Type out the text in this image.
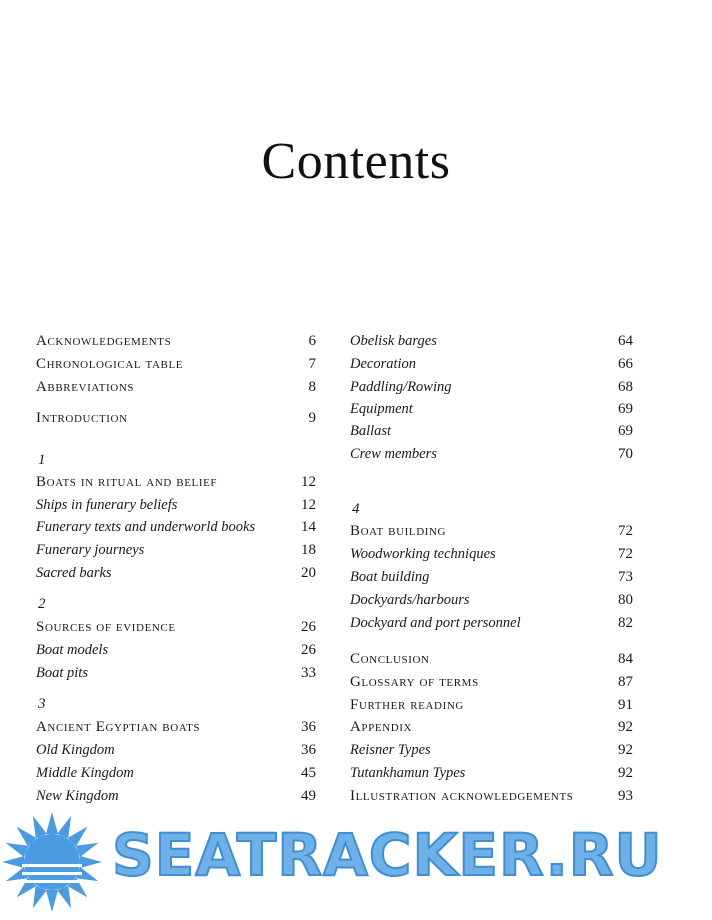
Contents
Acknowledgements	6
Chronological table	7
Abbreviations	8
Introduction	9
1
Boats in ritual and belief	12
Ships in funerary beliefs	12
Funerary texts and underworld books	14
Funerary journeys	18
Sacred barks	20
2
Sources of evidence	26
Boat models	26
Boat pits	33
3
Ancient Egyptian boats	36
Old Kingdom	36
Middle Kingdom	45
New Kingdom	49
Obelisk barges	64
Decoration	66
Paddling/Rowing	68
Equipment	69
Ballast	69
Crew members	70
4
Boat building	72
Woodworking techniques	72
Boat building	73
Dockyards/harbours	80
Dockyard and port personnel	82
Conclusion	84
Glossary of terms	87
Further reading	91
Appendix	92
Reisner Types	92
Tutankhamun Types	92
Illustration acknowledgements	93
SEATRACKER.RU
